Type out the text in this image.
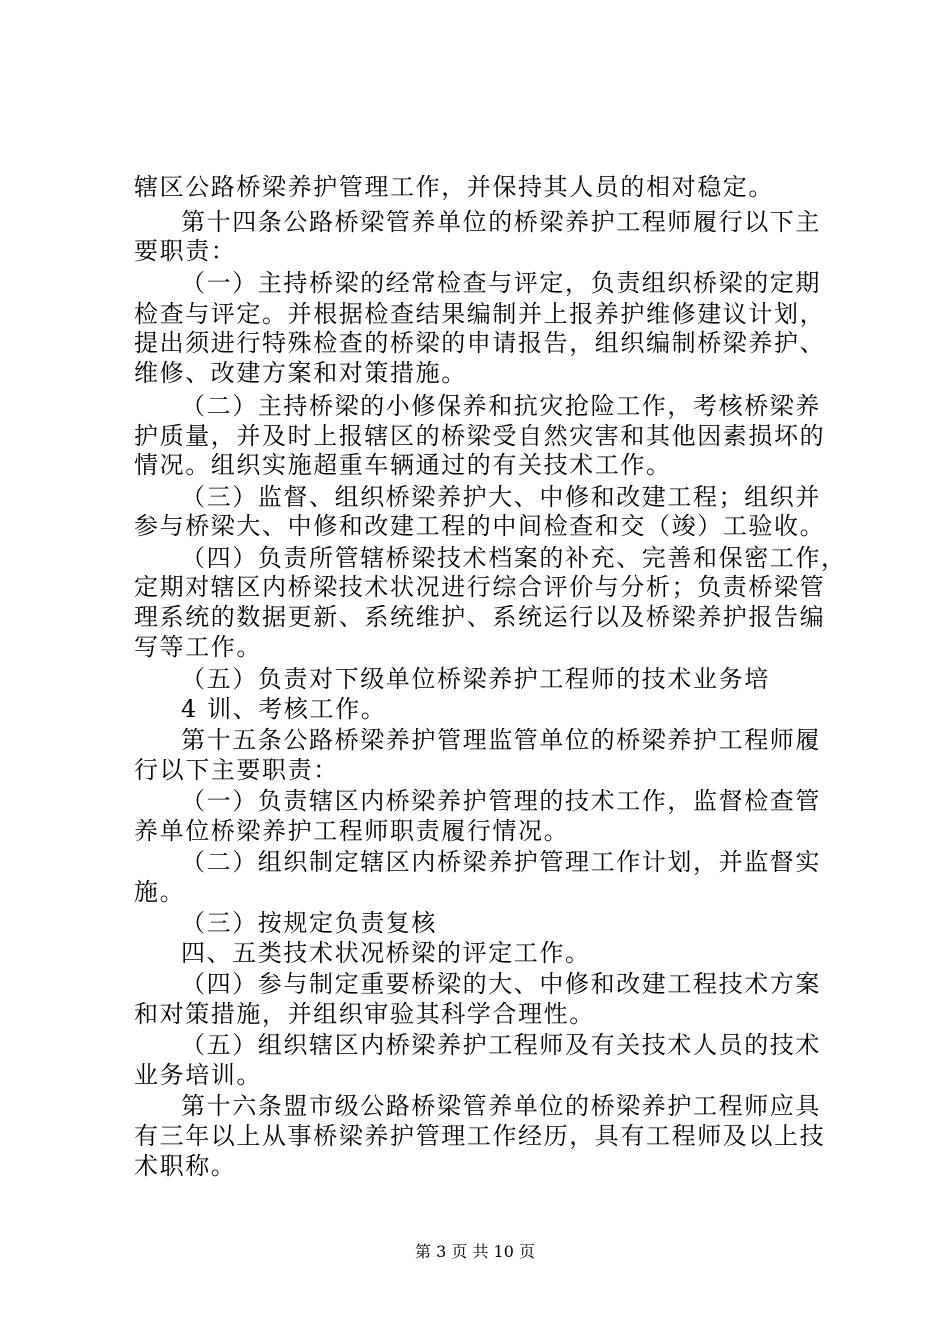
辖区公路桥梁养护管理工作，并保持其人员的相对稳定。
第十四条公路桥梁管养单位的桥梁养护工程师履行以下主
要职责：
（一）主持桥梁的经常检查与评定，负责组织桥梁的定期
检查与评定。并根据检查结果编制并上报养护维修建议计划，
提出须进行特殊检查的桥梁的申请报告，组织编制桥梁养护、
维修、改建方案和对策措施。
（二）主持桥梁的小修保养和抗灾抢险工作，考核桥梁养
护质量，并及时上报辖区的桥梁受自然灾害和其他因素损坏的
情况。组织实施超重车辆通过的有关技术工作。
（三）监督、组织桥梁养护大、中修和改建工程；组织并
参与桥梁大、中修和改建工程的中间检查和交（竣）工验收。
（四）负责所管辖桥梁技术档案的补充、完善和保密工作，
定期对辖区内桥梁技术状况进行综合评价与分析；负责桥梁管
理系统的数据更新、系统维护、系统运行以及桥梁养护报告编
写等工作。
（五）负责对下级单位桥梁养护工程师的技术业务培
4 训、考核工作。
第十五条公路桥梁养护管理监管单位的桥梁养护工程师履
行以下主要职责：
（一）负责辖区内桥梁养护管理的技术工作，监督检查管
养单位桥梁养护工程师职责履行情况。
（二）组织制定辖区内桥梁养护管理工作计划，并监督实
施。
（三）按规定负责复核
四、五类技术状况桥梁的评定工作。
（四）参与制定重要桥梁的大、中修和改建工程技术方案
和对策措施，并组织审验其科学合理性。
（五）组织辖区内桥梁养护工程师及有关技术人员的技术
业务培训。
第十六条盟市级公路桥梁管养单位的桥梁养护工程师应具
有三年以上从事桥梁养护管理工作经历，具有工程师及以上技
术职称。
第 3 页 共 10 页
